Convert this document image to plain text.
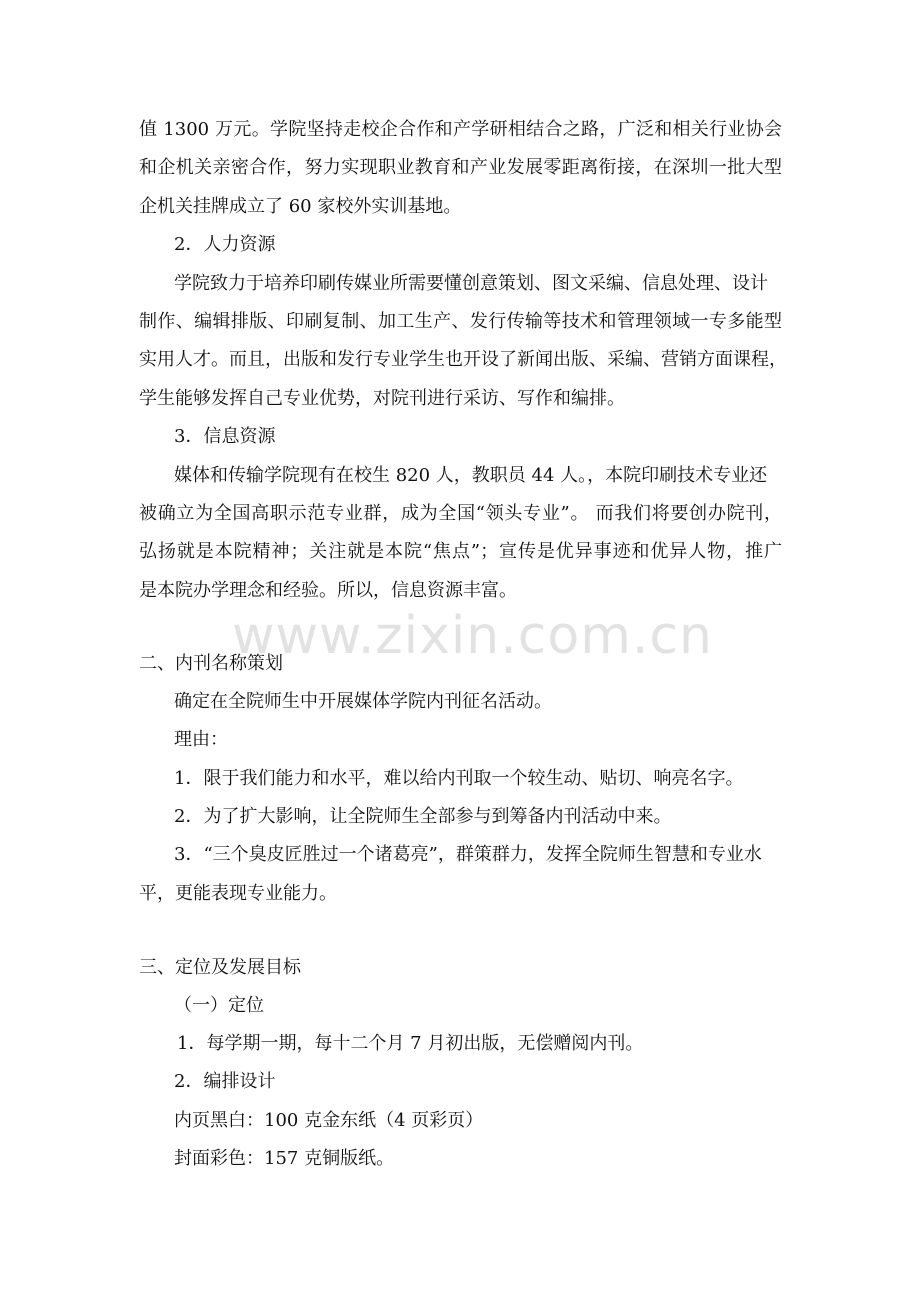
www.zixin.com.cn
值 1300 万元。学院坚持走校企合作和产学研相结合之路，广泛和相关行业协会
和企机关亲密合作，努力实现职业教育和产业发展零距离衔接，在深圳一批大型
企机关挂牌成立了 60 家校外实训基地。
2．人力资源
学院致力于培养印刷传媒业所需要懂创意策划、图文采编、信息处理、设计
制作、编辑排版、印刷复制、加工生产、发行传输等技术和管理领域一专多能型
实用人才。而且，出版和发行专业学生也开设了新闻出版、采编、营销方面课程，
学生能够发挥自己专业优势，对院刊进行采访、写作和编排。
3．信息资源
媒体和传输学院现有在校生 820 人，教职员 44 人。，本院印刷技术专业还
被确立为全国高职示范专业群，成为全国“领头专业”。 而我们将要创办院刊，
弘扬就是本院精神；关注就是本院“焦点”；宣传是优异事迹和优异人物，推广
是本院办学理念和经验。所以，信息资源丰富。
二、内刊名称策划
确定在全院师生中开展媒体学院内刊征名活动。
理由：
1．限于我们能力和水平，难以给内刊取一个较生动、贴切、响亮名字。
2．为了扩大影响，让全院师生全部参与到筹备内刊活动中来。
3．“三个臭皮匠胜过一个诸葛亮”，群策群力，发挥全院师生智慧和专业水
平，更能表现专业能力。
三、定位及发展目标
（一）定位
1．每学期一期，每十二个月 7 月初出版，无偿赠阅内刊。
2．编排设计
内页黑白：100 克金东纸（4 页彩页）
封面彩色：157 克铜版纸。
